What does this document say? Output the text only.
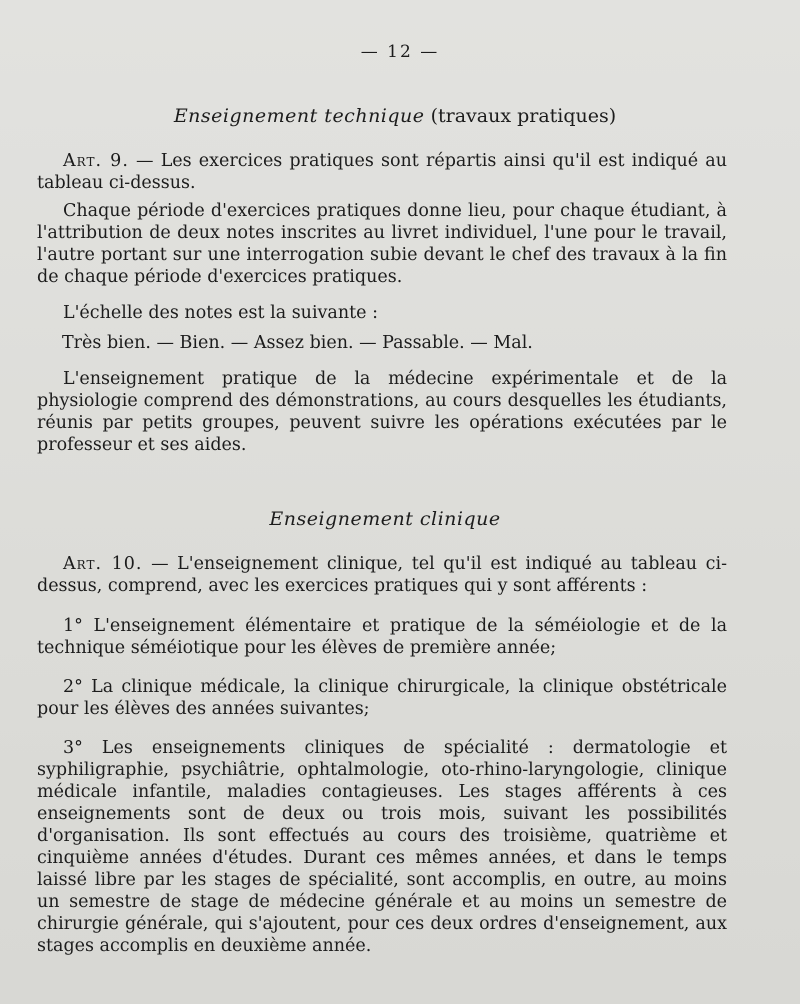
— 12 —
Enseignement technique (travaux pratiques)
Art. 9. — Les exercices pratiques sont répartis ainsi qu'il est indiqué au tableau ci-dessus.
Chaque période d'exercices pratiques donne lieu, pour chaque étudiant, à l'attribution de deux notes inscrites au livret individuel, l'une pour le travail, l'autre portant sur une interrogation subie devant le chef des travaux à la fin de chaque période d'exercices pratiques.
L'échelle des notes est la suivante :
Très bien. — Bien. — Assez bien. — Passable. — Mal.
L'enseignement pratique de la médecine expérimentale et de la physiologie comprend des démonstrations, au cours desquelles les étudiants, réunis par petits groupes, peuvent suivre les opérations exécutées par le professeur et ses aides.
Enseignement clinique
Art. 10. — L'enseignement clinique, tel qu'il est indiqué au tableau ci-dessus, comprend, avec les exercices pratiques qui y sont afférents :
1° L'enseignement élémentaire et pratique de la séméiologie et de la technique séméiotique pour les élèves de première année;
2° La clinique médicale, la clinique chirurgicale, la clinique obstétricale pour les élèves des années suivantes;
3° Les enseignements cliniques de spécialité : dermatologie et syphiligraphie, psychiâtrie, ophtalmologie, oto-rhino-laryngologie, clinique médicale infantile, maladies contagieuses. Les stages afférents à ces enseignements sont de deux ou trois mois, suivant les possibilités d'organisation. Ils sont effectués au cours des troisième, quatrième et cinquième années d'études. Durant ces mêmes années, et dans le temps laissé libre par les stages de spécialité, sont accomplis, en outre, au moins un semestre de stage de médecine générale et au moins un semestre de chirurgie générale, qui s'ajoutent, pour ces deux ordres d'enseignement, aux stages accomplis en deuxième année.
